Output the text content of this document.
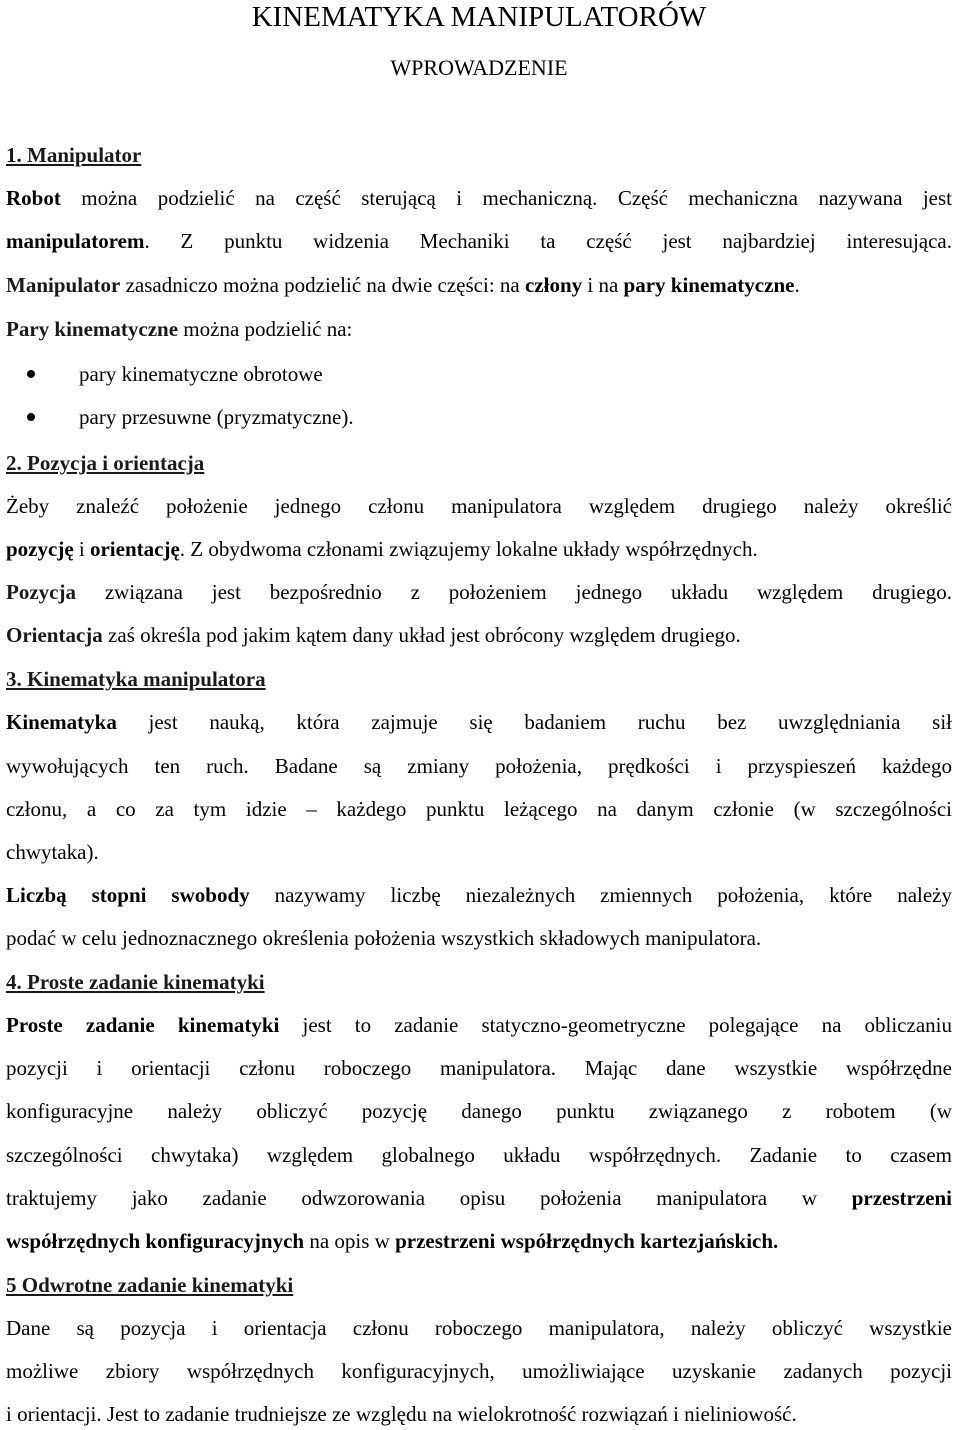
KINEMATYKA MANIPULATORÓW
WPROWADZENIE
1. Manipulator
Robot można podzielić na część sterującą i mechaniczną. Część mechaniczna nazywana jest
manipulatorem. Z punktu widzenia Mechaniki ta część jest najbardziej interesująca.
Manipulator zasadniczo można podzielić na dwie części: na człony i na pary kinematyczne.
Pary kinematyczne można podzielić na:
pary kinematyczne obrotowe
pary przesuwne (pryzmatyczne).
2. Pozycja i orientacja
Żeby znaleźć położenie jednego członu manipulatora względem drugiego należy określić
pozycję i orientację. Z obydwoma członami związujemy lokalne układy współrzędnych.
Pozycja związana jest bezpośrednio z położeniem jednego układu względem drugiego.
Orientacja zaś określa pod jakim kątem dany układ jest obrócony względem drugiego.
3. Kinematyka manipulatora
Kinematyka jest nauką, która zajmuje się badaniem ruchu bez uwzględniania sił
wywołujących ten ruch. Badane są zmiany położenia, prędkości i przyspieszeń każdego
członu, a co za tym idzie – każdego punktu leżącego na danym członie (w szczególności
chwytaka).
Liczbą stopni swobody nazywamy liczbę niezależnych zmiennych położenia, które należy
podać w celu jednoznacznego określenia położenia wszystkich składowych manipulatora.
4. Proste zadanie kinematyki
Proste zadanie kinematyki jest to zadanie statyczno-geometryczne polegające na obliczaniu
pozycji i orientacji członu roboczego manipulatora. Mając dane wszystkie współrzędne
konfiguracyjne należy obliczyć pozycję danego punktu związanego z robotem (w
szczególności chwytaka) względem globalnego układu współrzędnych. Zadanie to czasem
traktujemy jako zadanie odwzorowania opisu położenia manipulatora w przestrzeni
współrzędnych konfiguracyjnych na opis w przestrzeni współrzędnych kartezjańskich.
5 Odwrotne zadanie kinematyki
Dane są pozycja i orientacja członu roboczego manipulatora, należy obliczyć wszystkie
możliwe zbiory współrzędnych konfiguracyjnych, umożliwiające uzyskanie zadanych pozycji
i orientacji. Jest to zadanie trudniejsze ze względu na wielokrotność rozwiązań i nieliniowość.
